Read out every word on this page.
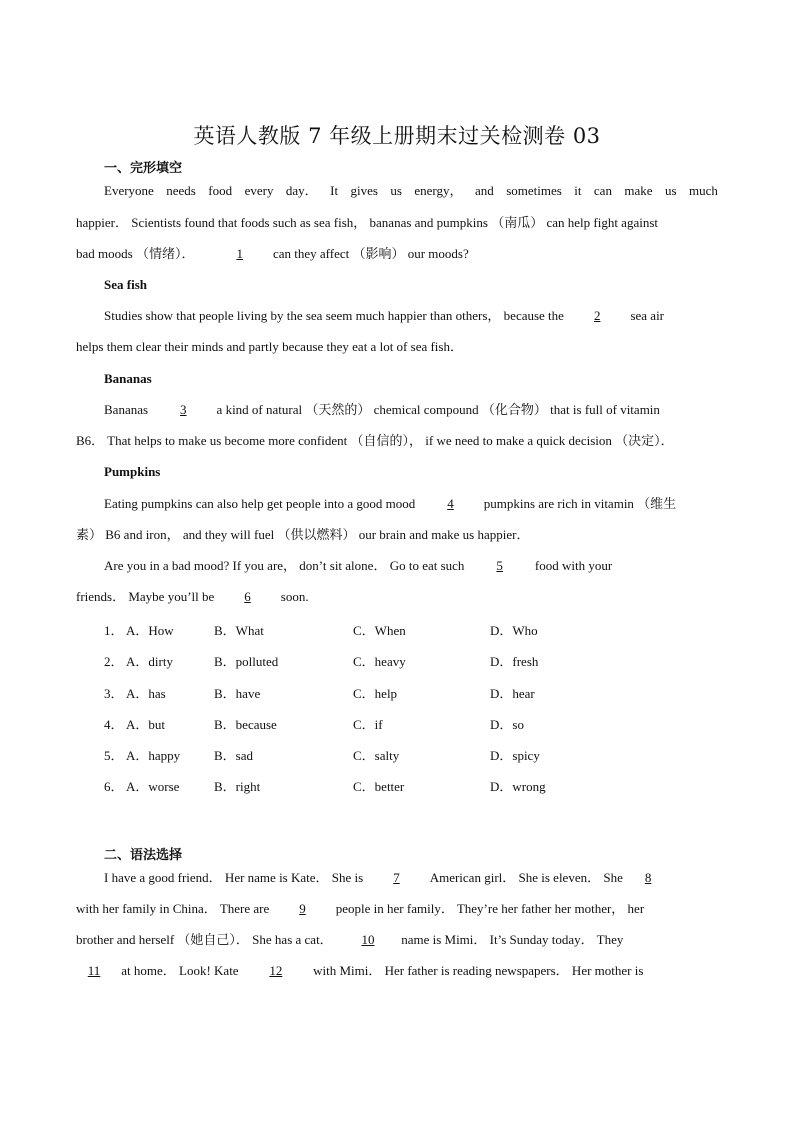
英语人教版 7 年级上册期末过关检测卷 03
一、完形填空
Everyone needs food every day． It gives us energy， and sometimes it can make us much
happier． Scientists found that foods such as sea fish， bananas and pumpkins （南瓜） can help fight against
bad moods （情绪）．	1 can they affect （影响） our moods?
Sea fish
Studies show that people living by the sea seem much happier than others， because the 2 sea air
helps them clear their minds and partly because they eat a lot of sea fish．
Bananas
Bananas 3 a kind of natural （天然的） chemical compound （化合物） that is full of vitamin
B6． That helps to make us become more confident （自信的）， if we need to make a quick decision （决定）．
Pumpkins
Eating pumpkins can also help get people into a good mood 4 pumpkins are rich in vitamin （维生
素） B6 and iron， and they will fuel （供以燃料） our brain and make us happier．
Are you in a bad mood? If you are， don’t sit alone． Go to eat such 5 food with your
friends． Maybe you’ll be 6 soon.
1． A．How	B．What	C．When	D．Who
2． A．dirty	B．polluted	C．heavy	D．fresh
3． A．has	B．have	C．help	D．hear
4． A．but	B．because	C．if	D．so
5． A．happy	B．sad	C．salty	D．spicy
6． A．worse	B．right	C．better	D．wrong
二、语法选择
I have a good friend． Her name is Kate． She is 7 American girl． She is eleven． She 8
with her family in China． There are 9 people in her family． They’re her father her mother， her
brother and herself （她自己）． She has a cat． 10 name is Mimi． It’s Sunday today． They
11 at home． Look! Kate 12 with Mimi． Her father is reading newspapers． Her mother is
